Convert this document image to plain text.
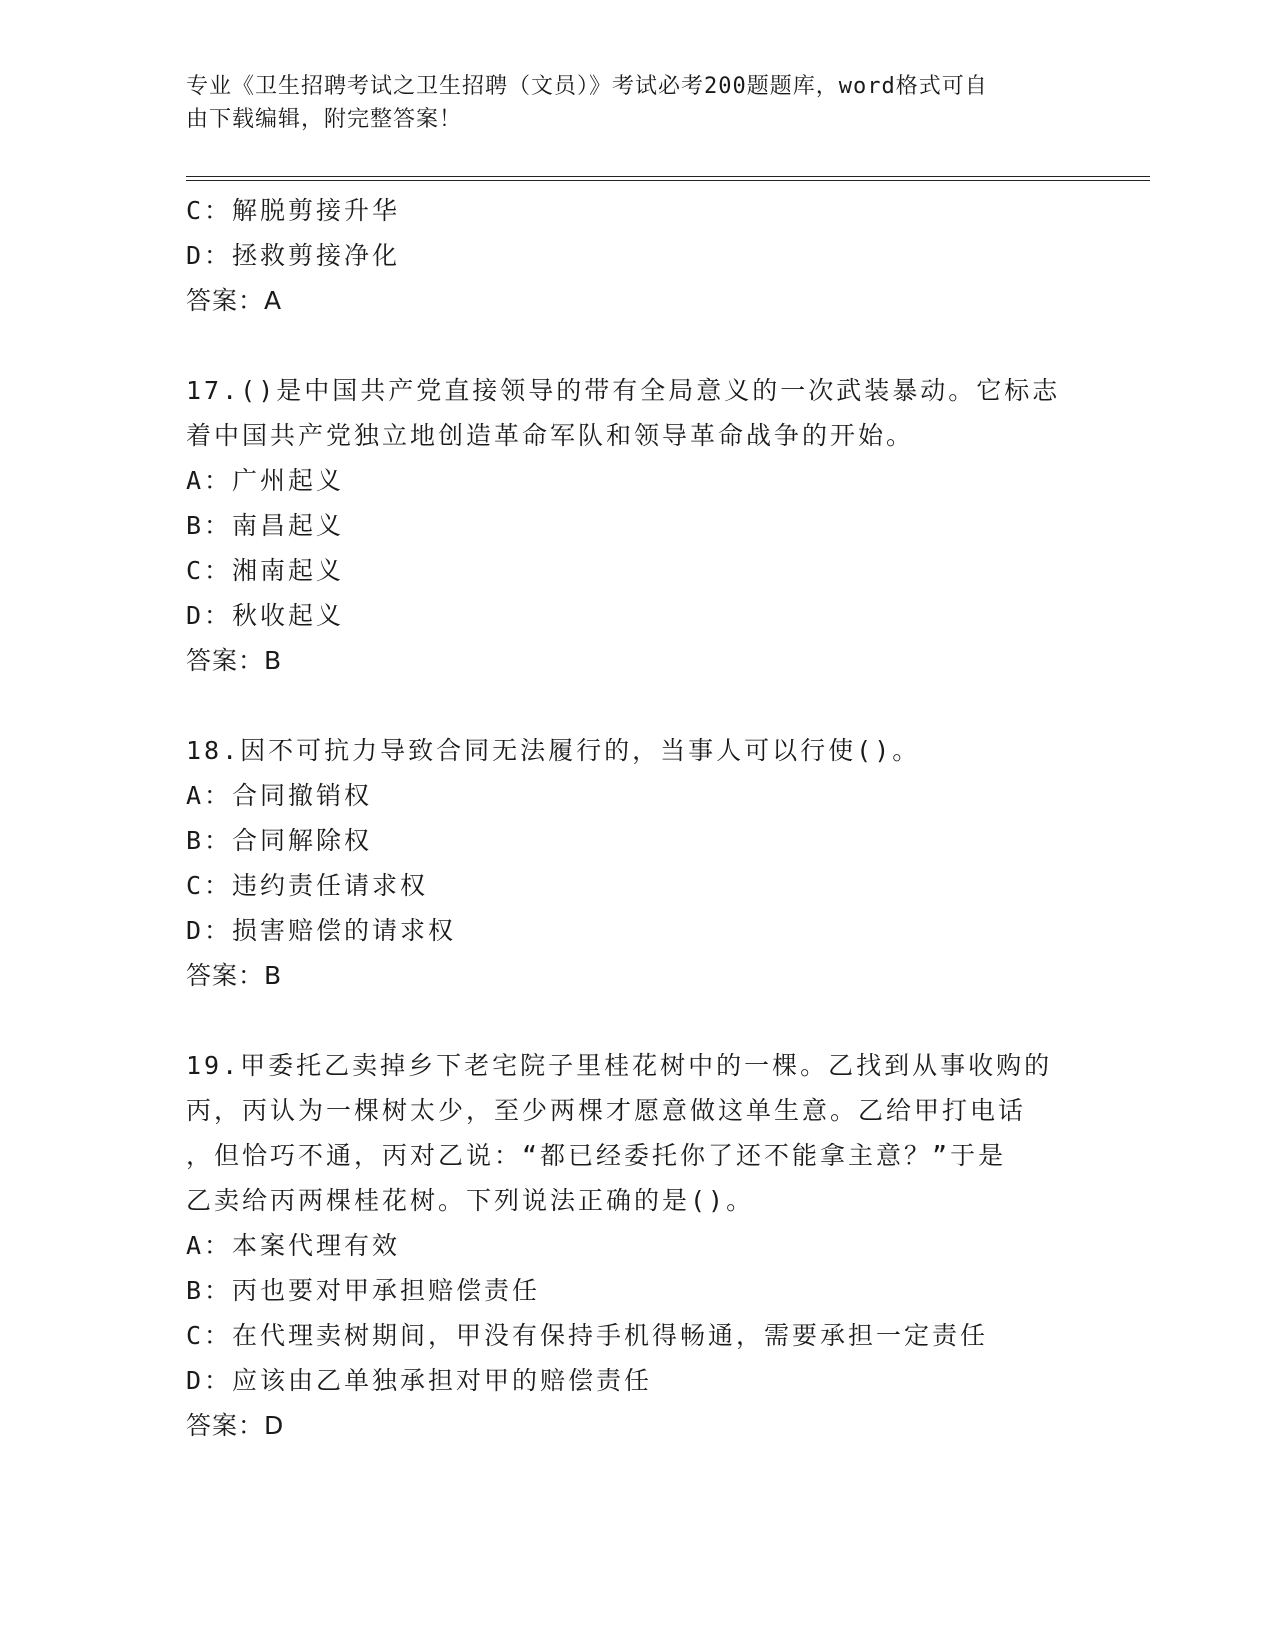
专业《卫生招聘考试之卫生招聘（文员）》考试必考200题题库，word格式可自
由下载编辑，附完整答案！
C：解脱剪接升华
D：拯救剪接净化
答案：A
17.()是中国共产党直接领导的带有全局意义的一次武装暴动。它标志
着中国共产党独立地创造革命军队和领导革命战争的开始。
A：广州起义
B：南昌起义
C：湘南起义
D：秋收起义
答案：B
18.因不可抗力导致合同无法履行的，当事人可以行使()。
A：合同撤销权
B：合同解除权
C：违约责任请求权
D：损害赔偿的请求权
答案：B
19.甲委托乙卖掉乡下老宅院子里桂花树中的一棵。乙找到从事收购的
丙，丙认为一棵树太少，至少两棵才愿意做这单生意。乙给甲打电话
，但恰巧不通，丙对乙说：“都已经委托你了还不能拿主意？”于是
乙卖给丙两棵桂花树。下列说法正确的是()。
A：本案代理有效
B：丙也要对甲承担赔偿责任
C：在代理卖树期间，甲没有保持手机得畅通，需要承担一定责任
D：应该由乙单独承担对甲的赔偿责任
答案：D
